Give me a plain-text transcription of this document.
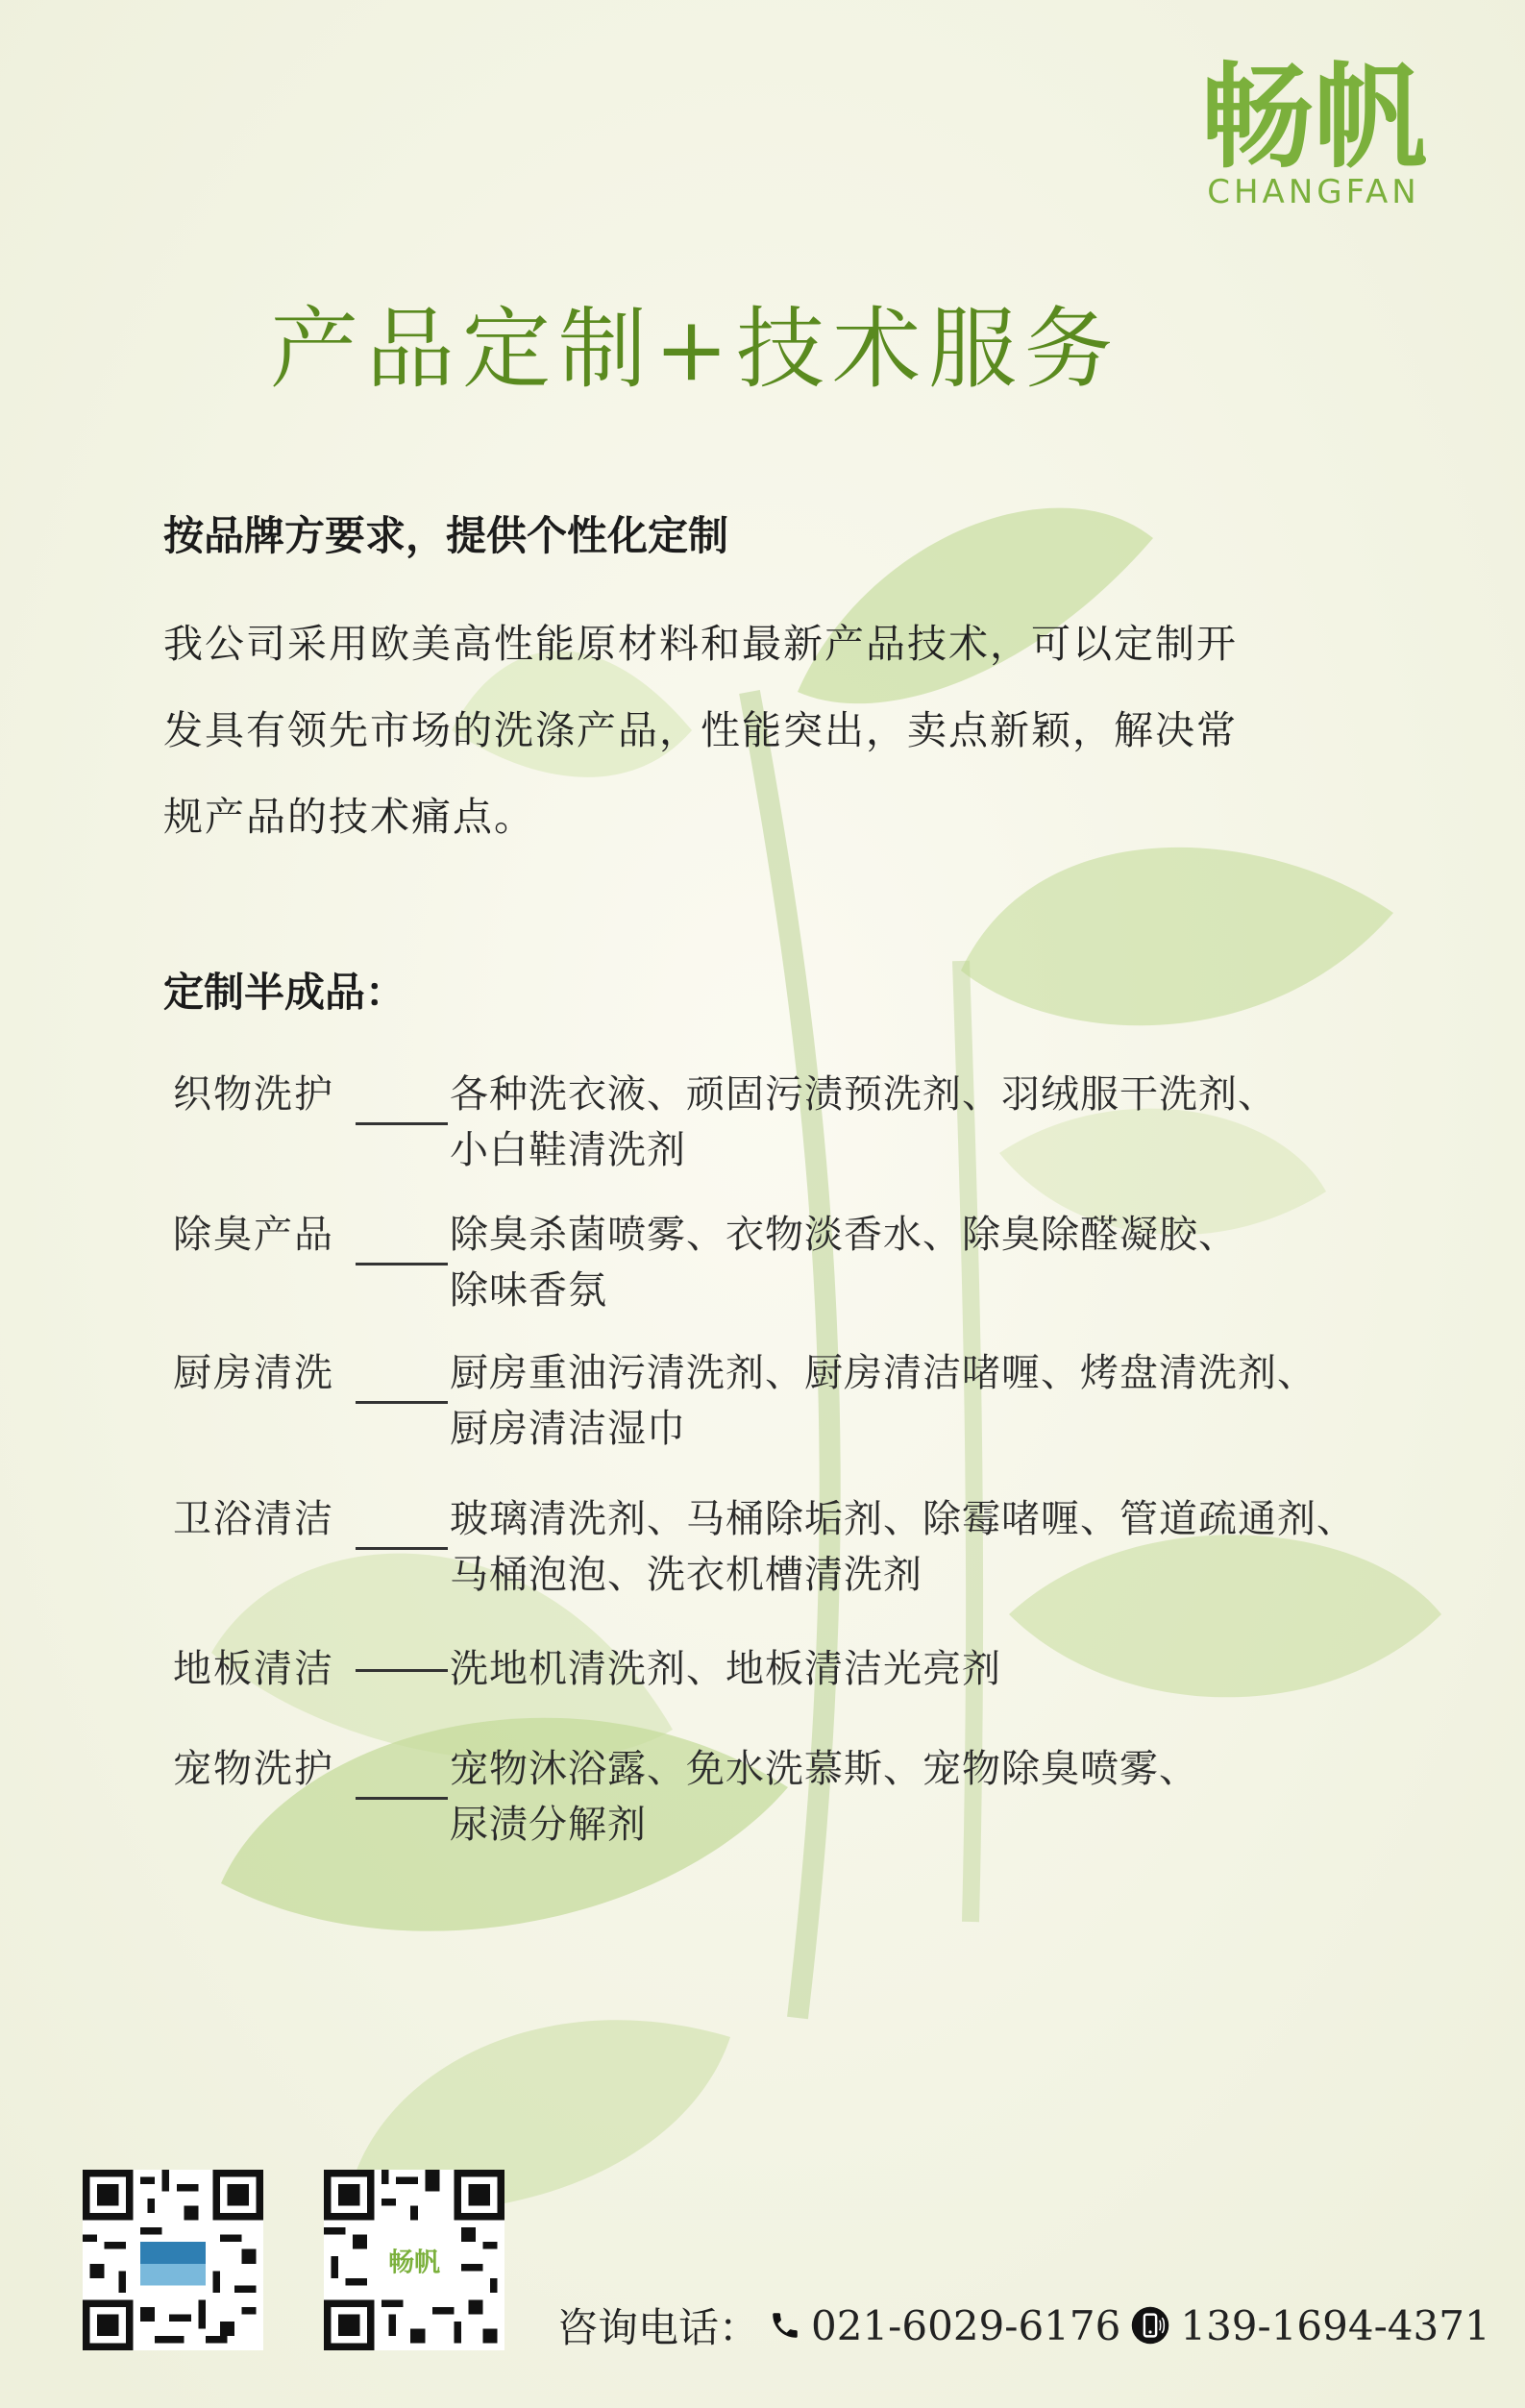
畅帆
CHANGFAN
产品定制+技术服务
按品牌方要求，提供个性化定制
我公司采用欧美高性能原材料和最新产品技术，可以定制开
发具有领先市场的洗涤产品，性能突出，卖点新颖，解决常
规产品的技术痛点。
定制半成品：
织物洗护	各种洗衣液、顽固污渍预洗剂、羽绒服干洗剂、
小白鞋清洗剂
除臭产品	除臭杀菌喷雾、衣物淡香水、除臭除醛凝胶、
除味香氛
厨房清洗	厨房重油污清洗剂、厨房清洁啫喱、烤盘清洗剂、
厨房清洁湿巾
卫浴清洁	玻璃清洗剂、马桶除垢剂、除霉啫喱、管道疏通剂、
马桶泡泡、洗衣机槽清洗剂
地板清洁	洗地机清洗剂、地板清洁光亮剂
宠物洗护	宠物沐浴露、免水洗慕斯、宠物除臭喷雾、
尿渍分解剂
畅帆
咨询电话： 021-6029-6176 139-1694-4371
